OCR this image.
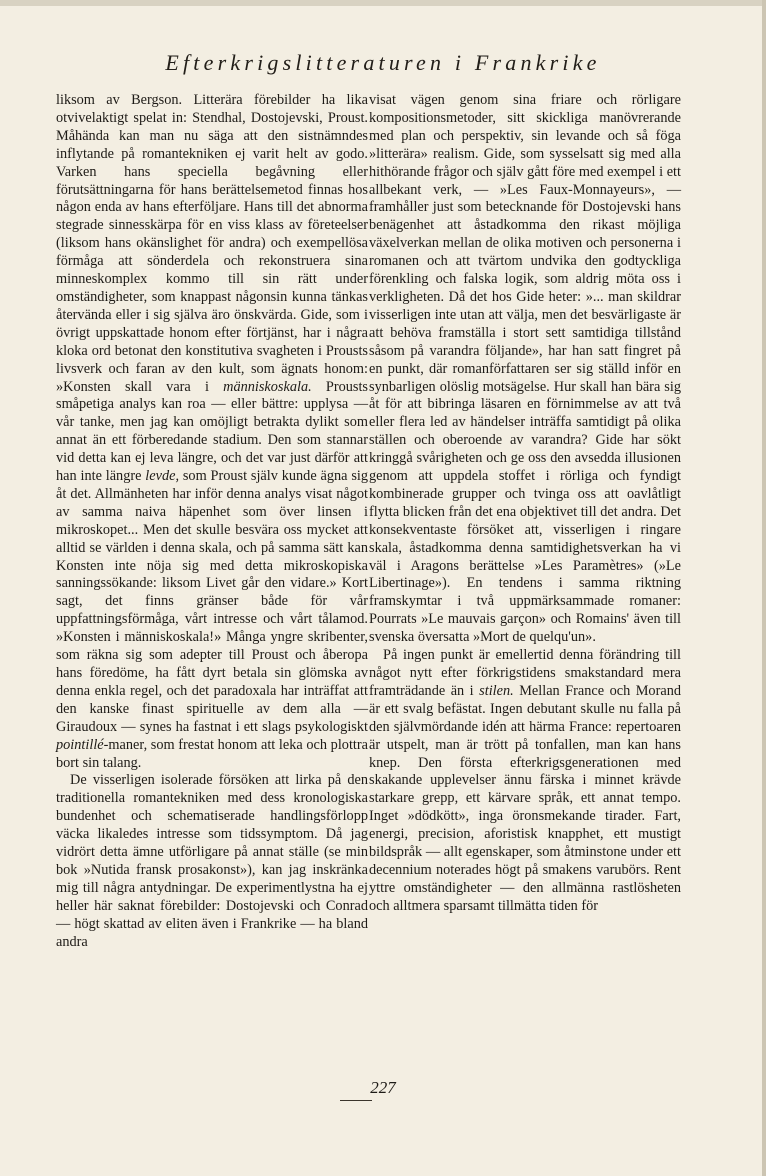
Efterkrigslitteraturen i Frankrike

liksom av Bergson. Litterära förebilder ha lika otvivelaktigt spelat in: Stendhal, Dostojevski, Proust. Måhända kan man nu säga att den sistnämndes inflytande på romantekniken ej varit helt av godo. Varken hans speciella begåvning eller förutsättningarna för hans berättelsemetod finnas hos någon enda av hans efterföljare. Hans till det abnorma stegrade sinnesskärpa för en viss klass av företeelser (liksom hans okänslighet för andra) och exempellösa förmåga att sönderdela och rekonstruera sina minneskomplex kommo till sin rätt under omständigheter, som knappast någonsin kunna tänkas återvända eller i sig själva äro önskvärda. Gide, som i övrigt uppskattade honom efter förtjänst, har i några kloka ord betonat den konstitutiva svagheten i Prousts livsverk och faran av den kult, som ägnats honom: »Konsten skall vara i människoskala. Prousts småpetiga analys kan roa — eller bättre: upplysa — vår tanke, men jag kan omöjligt betrakta dylikt som annat än ett förberedande stadium. Den som stannar vid detta kan ej leva längre, och det var just därför att han inte längre levde, som Proust själv kunde ägna sig åt det. Allmänheten har inför denna analys visat något av samma naiva häpenhet som över linsen i mikroskopet... Men det skulle besvära oss mycket att alltid se världen i denna skala, och på samma sätt kan Konsten inte nöja sig med detta mikroskopiska sanningssökande: liksom Livet går den vidare.» Kort sagt, det finns gränser både för vår uppfattningsförmåga, vårt intresse och vårt tålamod. »Konsten i människoskala!» Många yngre skribenter, som räkna sig som adepter till Proust och åberopa hans föredöme, ha fått dyrt betala sin glömska av denna enkla regel, och det paradoxala har inträffat att den kanske finast spirituelle av dem alla — Giraudoux — synes ha fastnat i ett slags psykologiskt pointillé-maner, som frestat honom att leka och plottra bort sin talang.

De visserligen isolerade försöken att lirka på den traditionella romantekniken med dess kronologiska bundenhet och schematiserade handlingsförlopp väcka likaledes intresse som tidssymptom. Då jag vidrört detta ämne utförligare på annat ställe (se min bok »Nutida fransk prosakonst»), kan jag inskränka mig till några antydningar. De experimentlystna ha ej heller här saknat förebilder: Dostojevski och Conrad — högt skattad av eliten även i Frankrike — ha bland andra

visat vägen genom sina friare och rörligare kompositionsmetoder, sitt skickliga manövrerande med plan och perspektiv, sin levande och så föga »litterära» realism. Gide, som sysselsatt sig med alla hithörande frågor och själv gått före med exempel i ett allbekant verk, — »Les Faux-Monnayeurs», — framhåller just som betecknande för Dostojevski hans benägenhet att åstadkomma den rikast möjliga växelverkan mellan de olika motiven och personerna i romanen och att tvärtom undvika den godtyckliga förenkling och falska logik, som aldrig möta oss i verkligheten. Då det hos Gide heter: »... man skildrar visserligen inte utan att välja, men det besvärligaste är att behöva framställa i stort sett samtidiga tillstånd såsom på varandra följande», har han satt fingret på en punkt, där romanförfattaren ser sig ställd inför en synbarligen olöslig motsägelse. Hur skall han bära sig åt för att bibringa läsaren en förnimmelse av att två eller flera led av händelser inträffa samtidigt på olika ställen och oberoende av varandra? Gide har sökt kringgå svårigheten och ge oss den avsedda illusionen genom att uppdela stoffet i rörliga och fyndigt kombinerade grupper och tvinga oss att oavlåtligt flytta blicken från det ena objektivet till det andra. Det konsekventaste försöket att, visserligen i ringare skala, åstadkomma denna samtidighetsverkan ha vi väl i Aragons berättelse »Les Paramètres» (»Le Libertinage»). En tendens i samma riktning framskymtar i två uppmärksammade romaner: Pourrats »Le mauvais garçon» och Romains' även till svenska översatta »Mort de quelqu'un».

På ingen punkt är emellertid denna förändring till något nytt efter förkrigstidens smakstandard mera framträdande än i stilen. Mellan France och Morand är ett svalg befästat. Ingen debutant skulle nu falla på den självmördande idén att härma France: repertoaren är utspelt, man är trött på tonfallen, man kan hans knep. Den första efterkrigsgenerationen med skakande upplevelser ännu färska i minnet krävde starkare grepp, ett kärvare språk, ett annat tempo. Inget »dödkött», inga öronsmekande tirader. Fart, energi, precision, aforistisk knapphet, ett mustigt bildspråk — allt egenskaper, som åtminstone under ett decennium noterades högt på smakens varubörs. Rent yttre omständigheter — den allmänna rastlösheten och alltmera sparsamt tillmätta tiden för

227
